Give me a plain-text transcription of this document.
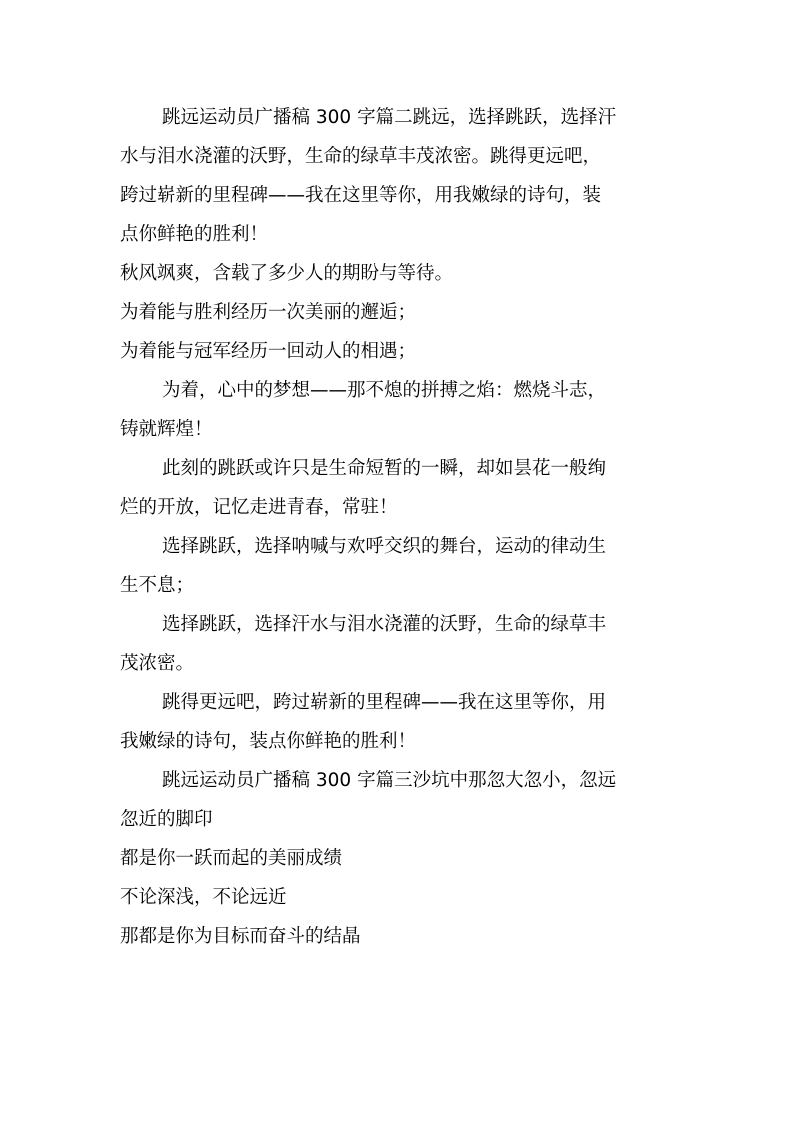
跳远运动员广播稿 300 字篇二跳远，选择跳跃，选择汗
水与泪水浇灌的沃野，生命的绿草丰茂浓密。跳得更远吧，
跨过崭新的里程碑——我在这里等你，用我嫩绿的诗句，装
点你鲜艳的胜利！
秋风飒爽，含载了多少人的期盼与等待。
为着能与胜利经历一次美丽的邂逅；
为着能与冠军经历一回动人的相遇；
为着，心中的梦想——那不熄的拼搏之焰：燃烧斗志，
铸就辉煌！
此刻的跳跃或许只是生命短暂的一瞬，却如昙花一般绚
烂的开放，记忆走进青春，常驻！
选择跳跃，选择呐喊与欢呼交织的舞台，运动的律动生
生不息；
选择跳跃，选择汗水与泪水浇灌的沃野，生命的绿草丰
茂浓密。
跳得更远吧，跨过崭新的里程碑——我在这里等你，用
我嫩绿的诗句，装点你鲜艳的胜利！
跳远运动员广播稿 300 字篇三沙坑中那忽大忽小，忽远
忽近的脚印
都是你一跃而起的美丽成绩
不论深浅，不论远近
那都是你为目标而奋斗的结晶
